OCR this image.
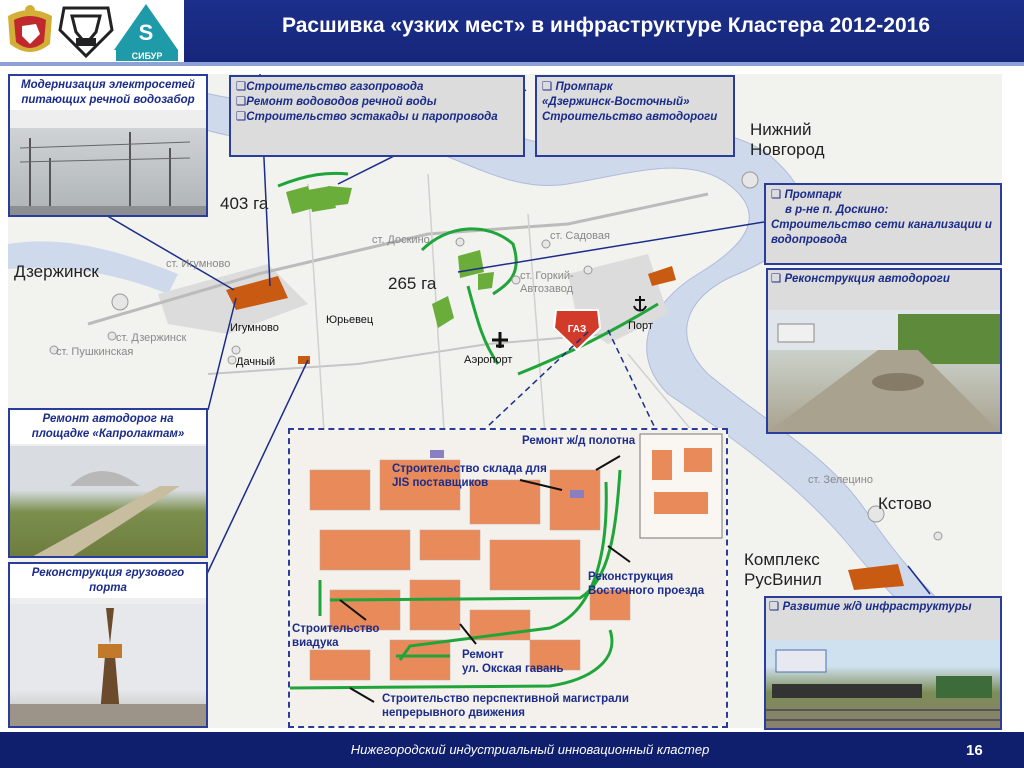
S
СИБУР
Расшивка «узких мест» в инфраструктуре Кластера 2012-2016
ГАЗ
Нижний
Новгород
Дзержинск
Кстово
Комплекс
РусВинил
ст. Доскино	ст. Садовая
ст. Игумново
ст. Горкий-
Автозавод
ст. Дзержинск
ст. Пушкинская
ст. Зелецино
Игумново
Юрьевец
Дачный	Аэропорт
Порт
403 га
265 га
Модернизация электросетей питающих речной водозабор
❑Строительство газопровода
❑Ремонт водоводов речной воды
❑Строительство эстакады и паропровода
❑ Промпарк
«Дзержинск-Восточный»
Строительство автодороги
❑ Промпарк
в р-не п. Доскино:
Строительство сети канализации и водопровода
❑ Реконструкция автодороги
Ремонт автодорог на площадке «Капролактам»
Реконструкция грузового порта
❑ Развитие ж/д инфраструктуры
Ремонт ж/д полотна
Строительство склада для
JIS поставщиков
Реконструкция
Восточного проезда
Строительство
виадука
Ремонт
ул. Окская гавань
Строительство перспективной магистрали
непрерывного движения
Нижегородский индустриальный инновационный кластер	16
